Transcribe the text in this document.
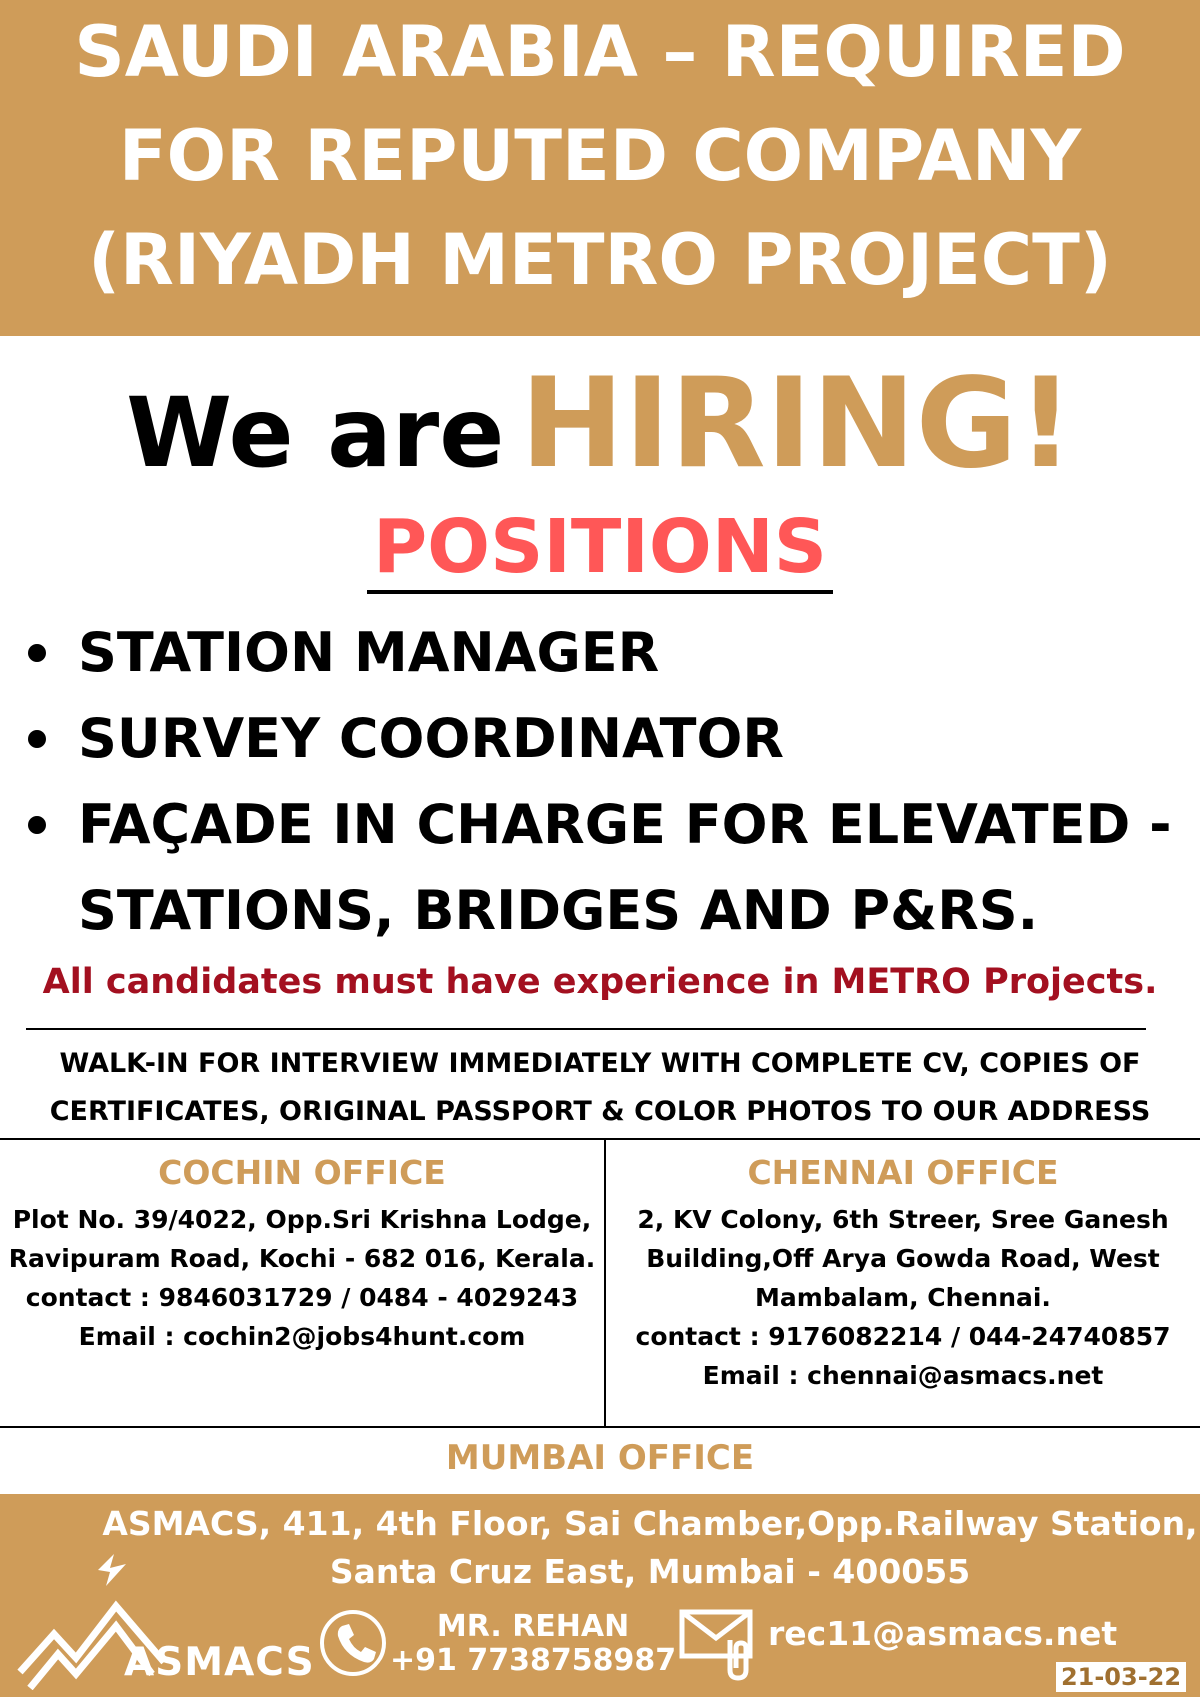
SAUDI ARABIA – REQUIRED
FOR REPUTED COMPANY
(RIYADH METRO PROJECT)
We are HIRING!
POSITIONS
STATION MANAGER
SURVEY COORDINATOR
FAÇADE IN CHARGE FOR ELEVATED - STATIONS, BRIDGES AND P&RS.
All candidates must have experience in METRO Projects.
WALK-IN FOR INTERVIEW IMMEDIATELY WITH COMPLETE CV, COPIES OF
CERTIFICATES, ORIGINAL PASSPORT & COLOR PHOTOS TO OUR ADDRESS
COCHIN OFFICE
Plot No. 39/4022, Opp.Sri Krishna Lodge,
Ravipuram Road, Kochi - 682 016, Kerala.
contact : 9846031729 / 0484 - 4029243
Email : cochin2@jobs4hunt.com
CHENNAI OFFICE
2, KV Colony, 6th Streer, Sree Ganesh
Building,Off Arya Gowda Road, West
Mambalam, Chennai.
contact : 9176082214 / 044-24740857
Email : chennai@asmacs.net
MUMBAI OFFICE
ASMACS, 411, 4th Floor, Sai Chamber,Opp.Railway Station,
Santa Cruz East, Mumbai - 400055
ASMACS
MR. REHAN
+91 7738758987
rec11@asmacs.net
21-03-22
